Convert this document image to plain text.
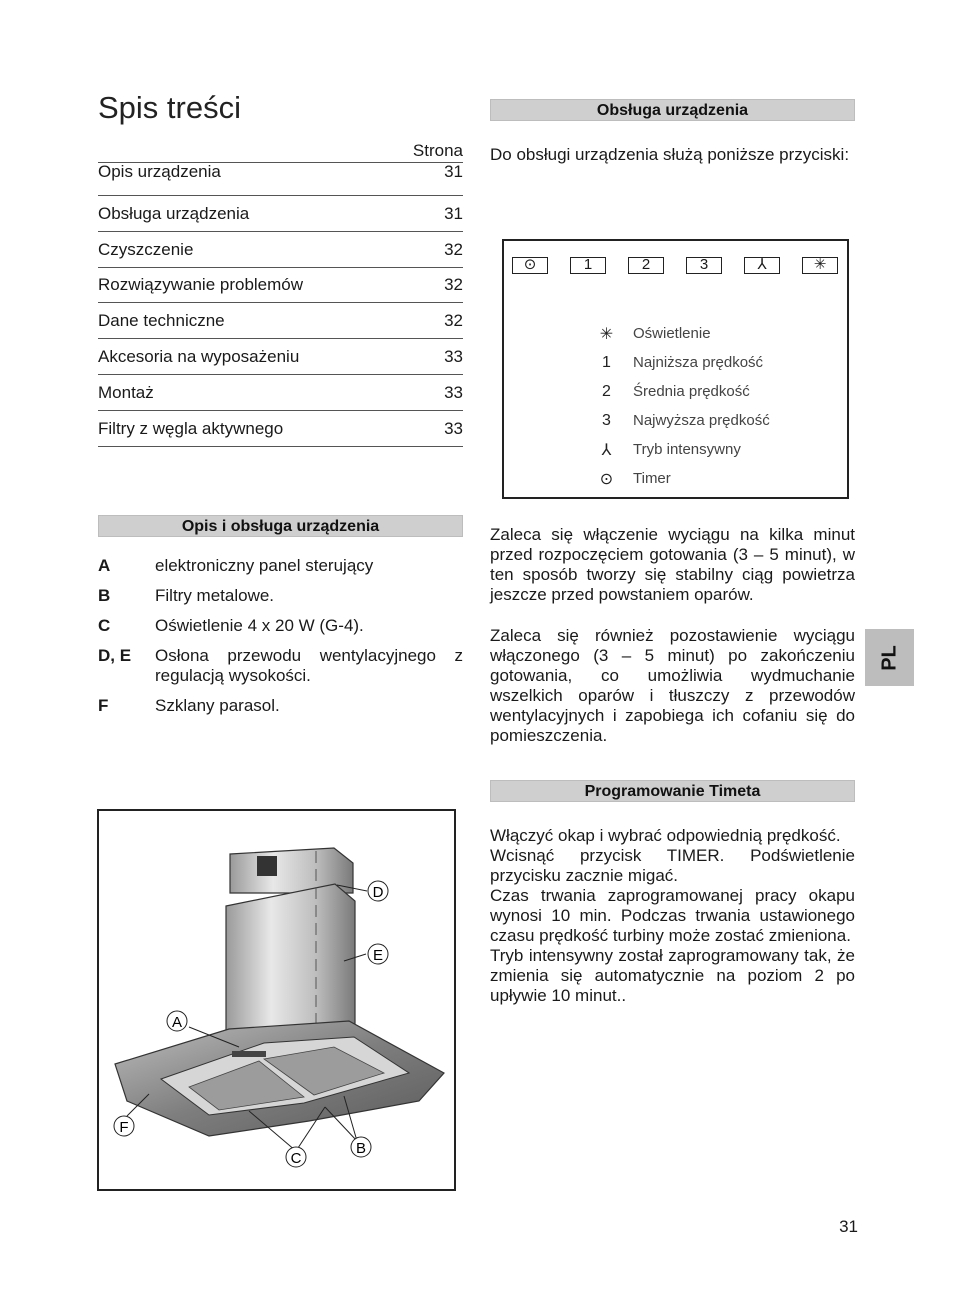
Spis treści
Strona
Opis urządzenia	31
Obsługa urządzenia	31
Czyszczenie	32
Rozwiązywanie problemów	32
Dane techniczne	32
Akcesoria na wyposażeniu	33
Montaż	33
Filtry z węgla aktywnego	33
Opis i obsługa urządzenia
A	elektroniczny panel sterujący
B	Filtry metalowe.
C	Oświetlenie 4 x 20 W (G-4).
D, E	Osłona przewodu wentylacyjnego z regulacją wysokości.
F	Szklany parasol.
D
E
A
F
C
B
Obsługa urządzenia
Do obsługi urządzenia służą poniższe przyciski:
⊙	1	2	3	⅄	✳
✳	Oświetlenie
1	Najniższa prędkość
2	Średnia prędkość
3	Najwyższa prędkość
⅄	Tryb intensywny
⊙	Timer
Zaleca się włączenie wyciągu na kilka minut przed rozpoczęciem gotowania (3 – 5 minut), w ten sposób tworzy się stabilny ciąg powietrza jeszcze przed powstaniem oparów.
Zaleca się również pozostawienie wyciągu włączonego (3 – 5 minut) po zakończeniu gotowania, co umożliwia wydmuchanie wszelkich oparów i tłuszczy z przewodów wentylacyjnych i zapobiega ich cofaniu się do pomieszczenia.
Programowanie Timeta
Włączyć okap i wybrać odpowiednią prędkość.
Wcisnąć przycisk TIMER. Podświetlenie przycisku zacznie migać.
Czas trwania zaprogramowanej pracy okapu wynosi 10 min. Podczas trwania ustawionego czasu prędkość turbiny może zostać zmieniona.
Tryb intensywny został zaprogramowany tak, że zmienia się automatycznie na poziom 2 po upływie 10 minut..
PL
31
